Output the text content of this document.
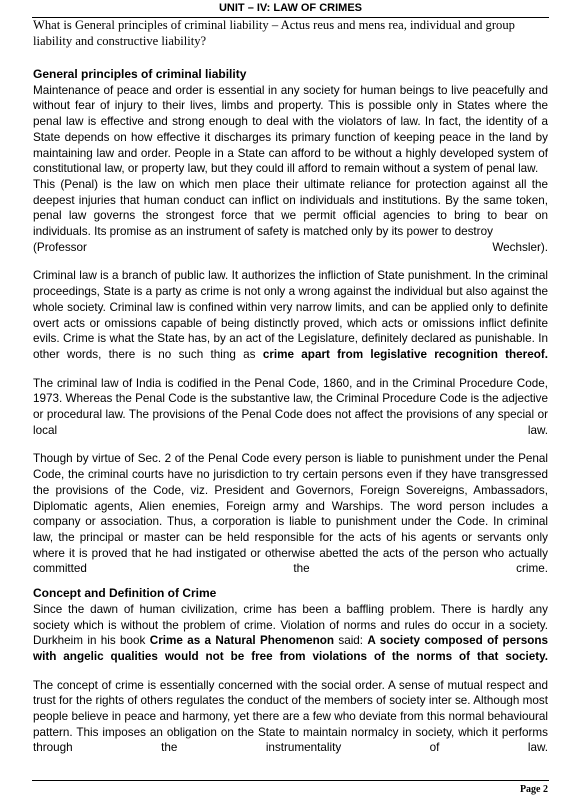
UNIT – IV: LAW OF CRIMES
What is General principles of criminal liability – Actus reus and mens rea, individual and group liability and constructive liability?
General principles of criminal liability

Maintenance of peace and order is essential in any society for human beings to live peacefully and without fear of injury to their lives, limbs and property. This is possible only in States where the penal law is effective and strong enough to deal with the violators of law. In fact, the identity of a State depends on how effective it discharges its primary function of keeping peace in the land by maintaining law and order. People in a State can afford to be without a highly developed system of constitutional law, or property law, but they could ill afford to remain without a system of penal law.

This (Penal) is the law on which men place their ultimate reliance for protection against all the deepest injuries that human conduct can inflict on individuals and institutions. By the same token, penal law governs the strongest force that we permit official agencies to bring to bear on individuals. Its promise as an instrument of safety is matched only by its power to destroy
(Professor	Wechsler).

Criminal law is a branch of public law. It authorizes the infliction of State punishment. In the criminal proceedings, State is a party as crime is not only a wrong against the individual but also against the whole society. Criminal law is confined within very narrow limits, and can be applied only to definite overt acts or omissions capable of being distinctly proved, which acts or omissions inflict definite evils. Crime is what the State has, by an act of the Legislature, definitely declared as punishable. In other words, there is no such thing as crime apart from legislative recognition thereof.

The criminal law of India is codified in the Penal Code, 1860, and in the Criminal Procedure Code, 1973. Whereas the Penal Code is the substantive law, the Criminal Procedure Code is the adjective or procedural law. The provisions of the Penal Code does not affect the provisions of any special or local law.

Though by virtue of Sec. 2 of the Penal Code every person is liable to punishment under the Penal Code, the criminal courts have no jurisdiction to try certain persons even if they have transgressed the provisions of the Code, viz. President and Governors, Foreign Sovereigns, Ambassadors, Diplomatic agents, Alien enemies, Foreign army and Warships. The word person includes a company or association. Thus, a corporation is liable to punishment under the Code. In criminal law, the principal or master can be held responsible for the acts of his agents or servants only where it is proved that he had instigated or otherwise abetted the acts of the person who actually committed the crime.

Concept and Definition of Crime

Since the dawn of human civilization, crime has been a baffling problem. There is hardly any society which is without the problem of crime. Violation of norms and rules do occur in a society. Durkheim in his book Crime as a Natural Phenomenon said: A society composed of persons with angelic qualities would not be free from violations of the norms of that society.

The concept of crime is essentially concerned with the social order. A sense of mutual respect and trust for the rights of others regulates the conduct of the members of society inter se. Although most people believe in peace and harmony, yet there are a few who deviate from this normal behavioural pattern. This imposes an obligation on the State to maintain normalcy in society, which it performs through the instrumentality of law.

Page 2
